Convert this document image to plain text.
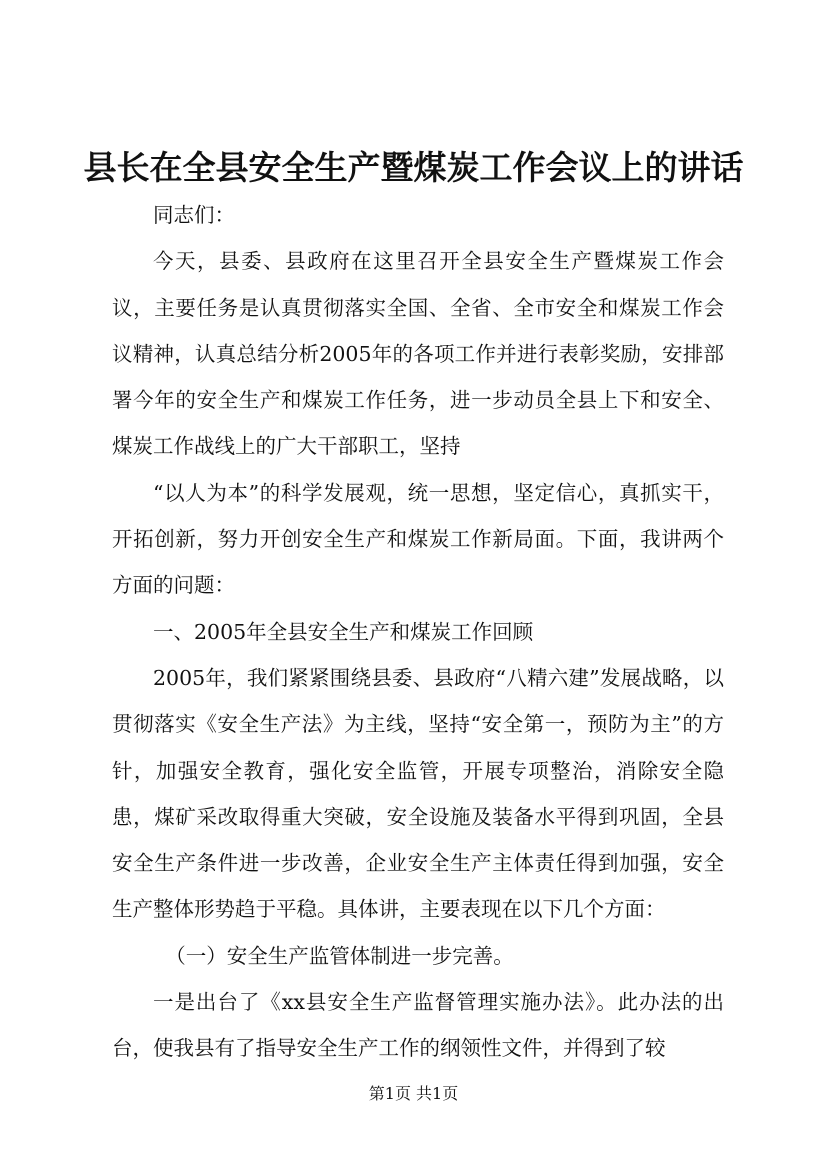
县长在全县安全生产暨煤炭工作会议上的讲话

同志们：

今天，县委、县政府在这里召开全县安全生产暨煤炭工作会议，主要任务是认真贯彻落实全国、全省、全市安全和煤炭工作会议精神，认真总结分析2005年的各项工作并进行表彰奖励，安排部署今年的安全生产和煤炭工作任务，进一步动员全县上下和安全、煤炭工作战线上的广大干部职工，坚持

“以人为本”的科学发展观，统一思想，坚定信心，真抓实干，开拓创新，努力开创安全生产和煤炭工作新局面。下面，我讲两个方面的问题：

一、2005年全县安全生产和煤炭工作回顾

2005年，我们紧紧围绕县委、县政府“八精六建”发展战略，以贯彻落实《安全生产法》为主线，坚持“安全第一，预防为主”的方针，加强安全教育，强化安全监管，开展专项整治，消除安全隐患，煤矿采改取得重大突破，安全设施及装备水平得到巩固，全县安全生产条件进一步改善，企业安全生产主体责任得到加强，安全生产整体形势趋于平稳。具体讲，主要表现在以下几个方面：

（一）安全生产监管体制进一步完善。

一是出台了《xx县安全生产监督管理实施办法》。此办法的出台，使我县有了指导安全生产工作的纲领性文件，并得到了较

第1页 共1页
